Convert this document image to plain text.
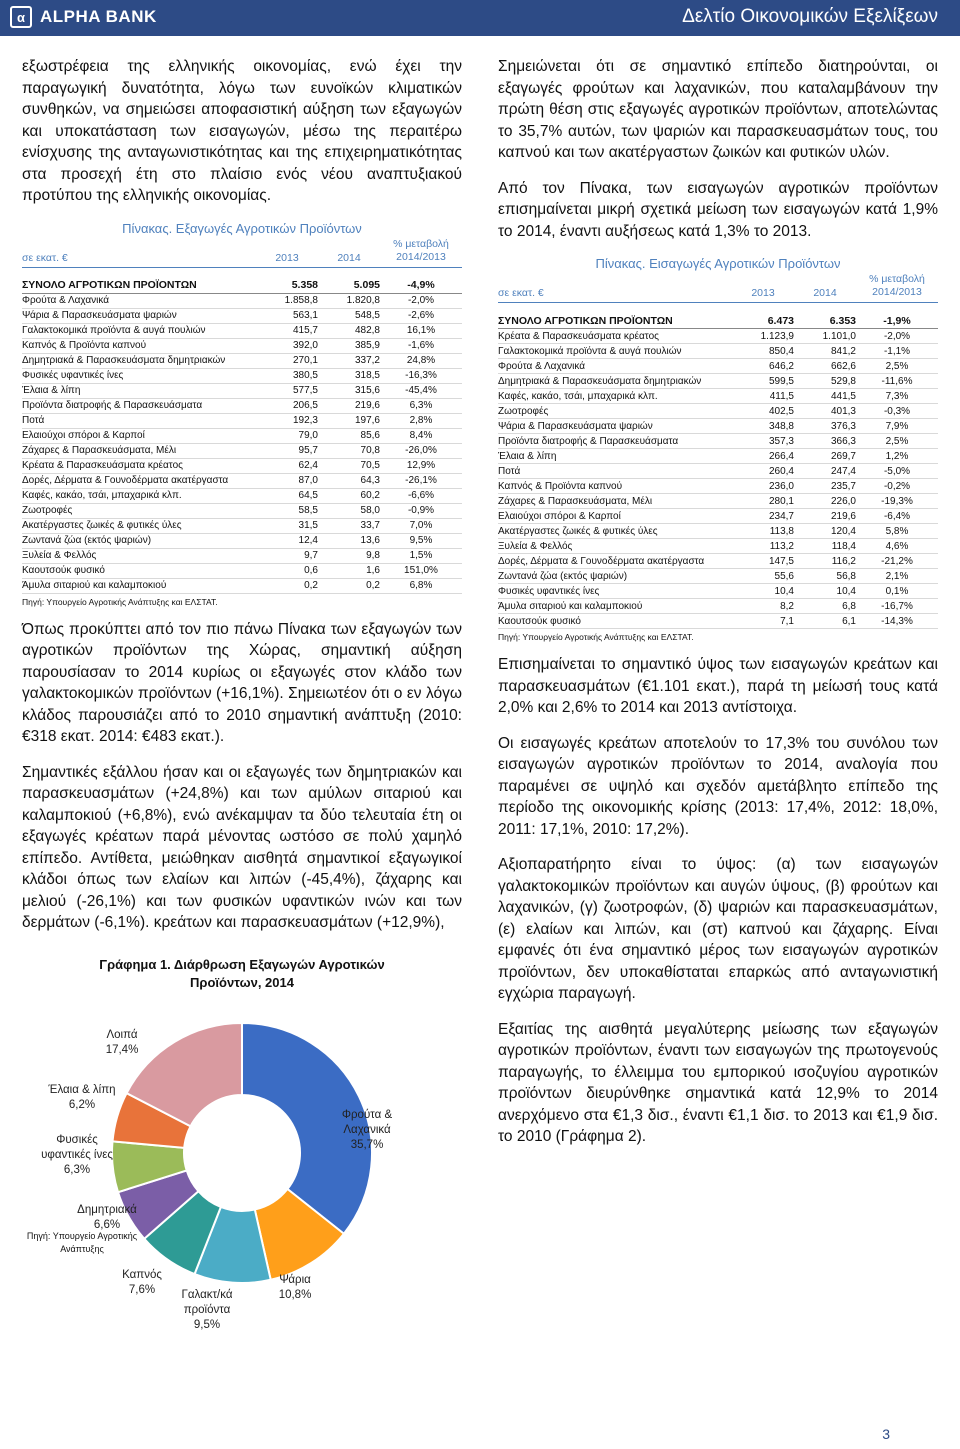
α ALPHA BANK	Δελτίο Οικονομικών Εξελίξεων

εξωστρέφεια της ελληνικής οικονομίας, ενώ έχει την παραγωγική δυνατότητα, λόγω των ευνοϊκών κλιματικών συνθηκών, να σημειώσει αποφασιστική αύξηση των εξαγωγών και υποκατάσταση των εισαγωγών, μέσω της περαιτέρω ενίσχυσης της ανταγωνιστικότητας και της επιχειρηματικότητας στα προσεχή έτη στο πλαίσιο ενός νέου αναπτυξιακού προτύπου της ελληνικής οικονομίας.

Πίνακας. Εξαγωγές Αγροτικών Προϊόντων
σε εκατ. €	2013	2014
% μεταβολή
2014/2013
ΣΥΝΟΛΟ ΑΓΡΟΤΙΚΩΝ ΠΡΟΪΟΝΤΩΝ	5.358	5.095	-4,9%
Φρούτα & Λαχανικά	1.858,8	1.820,8	-2,0%
Ψάρια & Παρασκευάσματα ψαριών	563,1	548,5	-2,6%
Γαλακτοκομικά προϊόντα & αυγά πουλιών	415,7	482,8	16,1%
Καπνός & Προϊόντα καπνού	392,0	385,9	-1,6%
Δημητριακά & Παρασκευάσματα δημητριακών	270,1	337,2	24,8%
Φυσικές υφαντικές ίνες	380,5	318,5	-16,3%
Έλαια & λίπη	577,5	315,6	-45,4%
Προϊόντα διατροφής & Παρασκευάσματα	206,5	219,6	6,3%
Ποτά	192,3	197,6	2,8%
Ελαιούχοι σπόροι & Καρποί	79,0	85,6	8,4%
Ζάχαρες & Παρασκευάσματα, Μέλι	95,7	70,8	-26,0%
Κρέατα & Παρασκευάσματα κρέατος	62,4	70,5	12,9%
Δορές, Δέρματα & Γουνοδέρματα ακατέργαστα	87,0	64,3	-26,1%
Καφές, κακάο, τσάι, μπαχαρικά κλπ.	64,5	60,2	-6,6%
Ζωοτροφές	58,5	58,0	-0,9%
Ακατέργαστες ζωικές & φυτικές ύλες	31,5	33,7	7,0%
Ζωντανά ζώα (εκτός ψαριών)	12,4	13,6	9,5%
Ξυλεία & Φελλός	9,7	9,8	1,5%
Καουτσούκ φυσικό	0,6	1,6	151,0%
Άμυλα σιταριού και καλαμποκιού	0,2	0,2	6,8%
Πηγή: Υπουργείο Αγροτικής Ανάπτυξης και ΕΛΣΤΑΤ.

Όπως προκύπτει από τον πιο πάνω Πίνακα των εξαγωγών των αγροτικών προϊόντων της Χώρας, σημαντική αύξηση παρουσίασαν το 2014 κυρίως οι εξαγωγές στον κλάδο των γαλακτοκομικών προϊόντων (+16,1%). Σημειωτέον ότι ο εν λόγω κλάδος παρουσιάζει από το 2010 σημαντική ανάπτυξη (2010: €318 εκατ. 2014: €483 εκατ.).

Σημαντικές εξάλλου ήσαν και οι εξαγωγές των δημητριακών και παρασκευασμάτων (+24,8%) και των αμύλων σιταριού και καλαμποκιού (+6,8%), ενώ ανέκαμψαν τα δύο τελευταία έτη οι εξαγωγές κρέατων παρά μένοντας ωστόσο σε πολύ χαμηλό επίπεδο. Αντίθετα, μειώθηκαν αισθητά σημαντικοί εξαγωγικοί κλάδοι όπως των ελαίων και λιπών (-45,4%), ζάχαρης και μελιού (-26,1%) και των φυσικών υφαντικών ινών και των δερμάτων (-6,1%). κρεάτων και παρασκευασμάτων (+12,9%),

Γράφημα 1. Διάρθρωση Εξαγωγών Αγροτικών Προϊόντων, 2014
Φρούτα & Λαχανικά
35,7%
Ψάρια
10,8%
Γαλακτ/κά προϊόντα
9,5%
Καπνός
7,6%
Δημητριακά
6,6%
Φυσικές υφαντικές ίνες
6,3%
Έλαια & λίπη
6,2%
Λοιπά
17,4%
Πηγή: Υπουργείο Αγροτικής Ανάπτυξης

Σημειώνεται ότι σε σημαντικό επίπεδο διατηρούνται, οι εξαγωγές φρούτων και λαχανικών, που καταλαμβάνουν την πρώτη θέση στις εξαγωγές αγροτικών προϊόντων, αποτελώντας το 35,7% αυτών, των ψαριών και παρασκευασμάτων τους, του καπνού και των ακατέργαστων ζωικών και φυτικών υλών.

Από τον Πίνακα, των εισαγωγών αγροτικών προϊόντων επισημαίνεται μικρή σχετικά μείωση των εισαγωγών κατά 1,9% το 2014, έναντι αυξήσεως κατά 1,3% το 2013.

Πίνακας. Εισαγωγές Αγροτικών Προϊόντων
σε εκατ. €	2013	2014
% μεταβολή
2014/2013
ΣΥΝΟΛΟ ΑΓΡΟΤΙΚΩΝ ΠΡΟΪΟΝΤΩΝ	6.473	6.353	-1,9%
Κρέατα & Παρασκευάσματα κρέατος	1.123,9	1.101,0	-2,0%
Γαλακτοκομικά προϊόντα & αυγά πουλιών	850,4	841,2	-1,1%
Φρούτα & Λαχανικά	646,2	662,6	2,5%
Δημητριακά & Παρασκευάσματα δημητριακών	599,5	529,8	-11,6%
Καφές, κακάο, τσάι, μπαχαρικά κλπ.	411,5	441,5	7,3%
Ζωοτροφές	402,5	401,3	-0,3%
Ψάρια & Παρασκευάσματα ψαριών	348,8	376,3	7,9%
Προϊόντα διατροφής & Παρασκευάσματα	357,3	366,3	2,5%
Έλαια & λίπη	266,4	269,7	1,2%
Ποτά	260,4	247,4	-5,0%
Καπνός & Προϊόντα καπνού	236,0	235,7	-0,2%
Ζάχαρες & Παρασκευάσματα, Μέλι	280,1	226,0	-19,3%
Ελαιούχοι σπόροι & Καρποί	234,7	219,6	-6,4%
Ακατέργαστες ζωικές & φυτικές ύλες	113,8	120,4	5,8%
Ξυλεία & Φελλός	113,2	118,4	4,6%
Δορές, Δέρματα & Γουνοδέρματα ακατέργαστα	147,5	116,2	-21,2%
Ζωντανά ζώα (εκτός ψαριών)	55,6	56,8	2,1%
Φυσικές υφαντικές ίνες	10,4	10,4	0,1%
Άμυλα σιταριού και καλαμποκιού	8,2	6,8	-16,7%
Καουτσούκ φυσικό	7,1	6,1	-14,3%
Πηγή: Υπουργείο Αγροτικής Ανάπτυξης και ΕΛΣΤΑΤ.

Επισημαίνεται το σημαντικό ύψος των εισαγωγών κρεάτων και παρασκευασμάτων (€1.101 εκατ.), παρά τη μείωσή τους κατά 2,0% και 2,6% το 2014 και 2013 αντίστοιχα.

Οι εισαγωγές κρεάτων αποτελούν το 17,3% του συνόλου των εισαγωγών αγροτικών προϊόντων το 2014, αναλογία που παραμένει σε υψηλό και σχεδόν αμετάβλητο επίπεδο της περίοδο της οικονομικής κρίσης (2013: 17,4%, 2012: 18,0%, 2011: 17,1%, 2010: 17,2%).

Αξιοπαρατήρητο είναι το ύψος: (α) των εισαγωγών γαλακτοκομικών προϊόντων και αυγών ύψους, (β) φρούτων και λαχανικών, (γ) ζωοτροφών, (δ) ψαριών και παρασκευασμάτων, (ε) ελαίων και λιπών, και (στ) καπνού και ζάχαρης. Είναι εμφανές ότι ένα σημαντικό μέρος των εισαγωγών αγροτικών προϊόντων, δεν υποκαθίσταται επαρκώς από ανταγωνιστική εγχώρια παραγωγή.

Εξαιτίας της αισθητά μεγαλύτερης μείωσης των εξαγωγών αγροτικών προϊόντων, έναντι των εισαγωγών της πρωτογενούς παραγωγής, το έλλειμμα του εμπορικού ισοζυγίου αγροτικών προϊόντων διευρύνθηκε σημαντικά κατά 12,9% το 2014 ανερχόμενο στα €1,3 δισ., έναντι €1,1 δισ. το 2013 και €1,9 δισ. το 2010 (Γράφημα 2).

3
